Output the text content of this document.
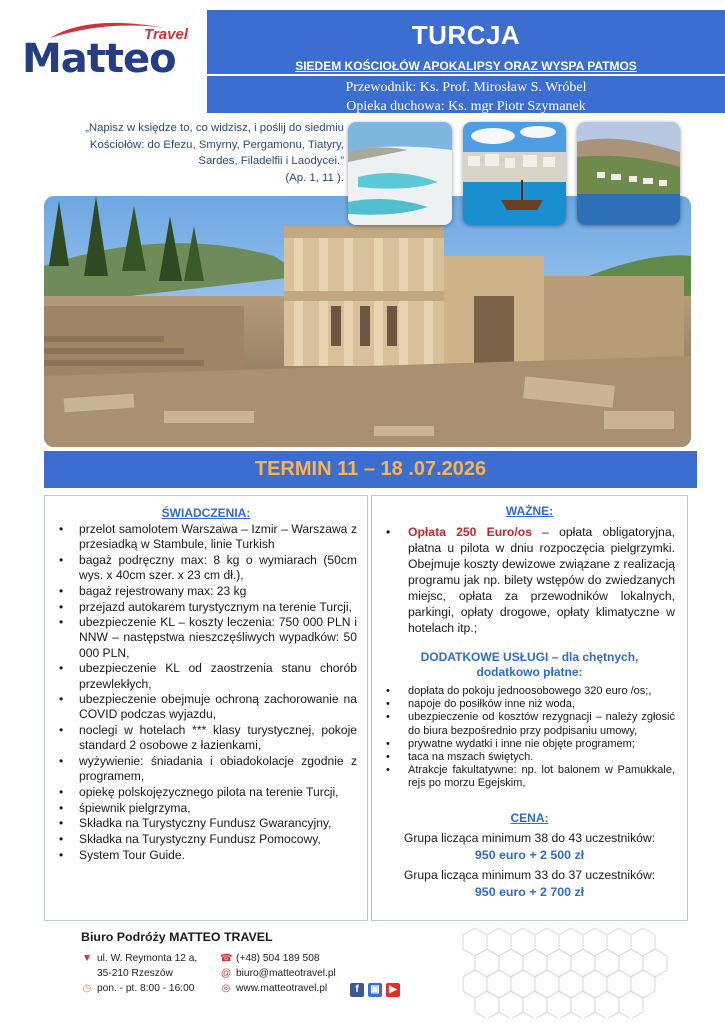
Travel
Matteo
TURCJA
SIEDEM KOŚCIOŁÓW APOKALIPSY ORAZ WYSPA PATMOS
Przewodnik: Ks. Prof. Mirosław S. Wróbel
Opieka duchowa: Ks. mgr Piotr Szymanek
„Napisz w księdze to, co widzisz, i poślij do siedmiu Kościołów: do Efezu, Smyrny, Pergamonu, Tiatyry, Sardes, Filadelfii i Laodycei.”
(Ap. 1, 11 ).
TERMIN 11 – 18 .07.2026
ŚWIADCZENIA:
• przelot samolotem Warszawa – Izmir – Warszawa z przesiadką w Stambule, linie Turkish
• bagaż podręczny max: 8 kg o wymiarach (50cm wys. x 40cm szer. x 23 cm dł.),
• bagaż rejestrowany max: 23 kg
• przejazd autokarem turystycznym na terenie Turcji,
• ubezpieczenie KL – koszty leczenia: 750 000 PLN i NNW – następstwa nieszczęśliwych wypadków: 50 000 PLN,
• ubezpieczenie KL od zaostrzenia stanu chorób przewlekłych,
• ubezpieczenie obejmuje ochroną zachorowanie na COVID podczas wyjazdu,
• noclegi w hotelach *** klasy turystycznej, pokoje standard 2 osobowe z łazienkami,
• wyżywienie: śniadania i obiadokolacje zgodnie z programem,
• opiekę polskojęzycznego pilota na terenie Turcji,
• śpiewnik pielgrzyma,
• Składka na Turystyczny Fundusz Gwarancyjny,
• Składka na Turystyczny Fundusz Pomocowy,
• System Tour Guide.
WAŻNE:
• Opłata 250 Euro/os – opłata obligatoryjna, płatna u pilota w dniu rozpoczęcia pielgrzymki. Obejmuje koszty dewizowe związane z realizacją programu jak np. bilety wstępów do zwiedzanych miejsc, opłata za przewodników lokalnych, parkingi, opłaty drogowe, opłaty klimatyczne w hotelach itp.;
DODATKOWE USŁUGI – dla chętnych,
dodatkowo płatne:
• dopłata do pokoju jednoosobowego 320 euro /os;,
• napoje do posiłków inne niż woda,
• ubezpieczenie od kosztów rezygnacji – należy zgłosić do biura bezpośrednio przy podpisaniu umowy,
• prywatne wydatki i inne nie objęte programem;
• taca na mszach świętych.
• Atrakcje fakultatywne: np. lot balonem w Pamukkale, rejs po morzu Egejskim,
CENA:
Grupa licząca minimum 38 do 43 uczestników:
950 euro + 2 500 zł
Grupa licząca minimum 33 do 37 uczestników:
950 euro + 2 700 zł
Biuro Podróży MATTEO TRAVEL
▼ ul. W. Reymonta 12 a,
35-210 Rzeszów
◷ pon. - pt. 8:00 - 16:00
☎ (+48) 504 189 508
@ biuro@matteotravel.pl
◎ www.matteotravel.pl	f	▣ ▶
